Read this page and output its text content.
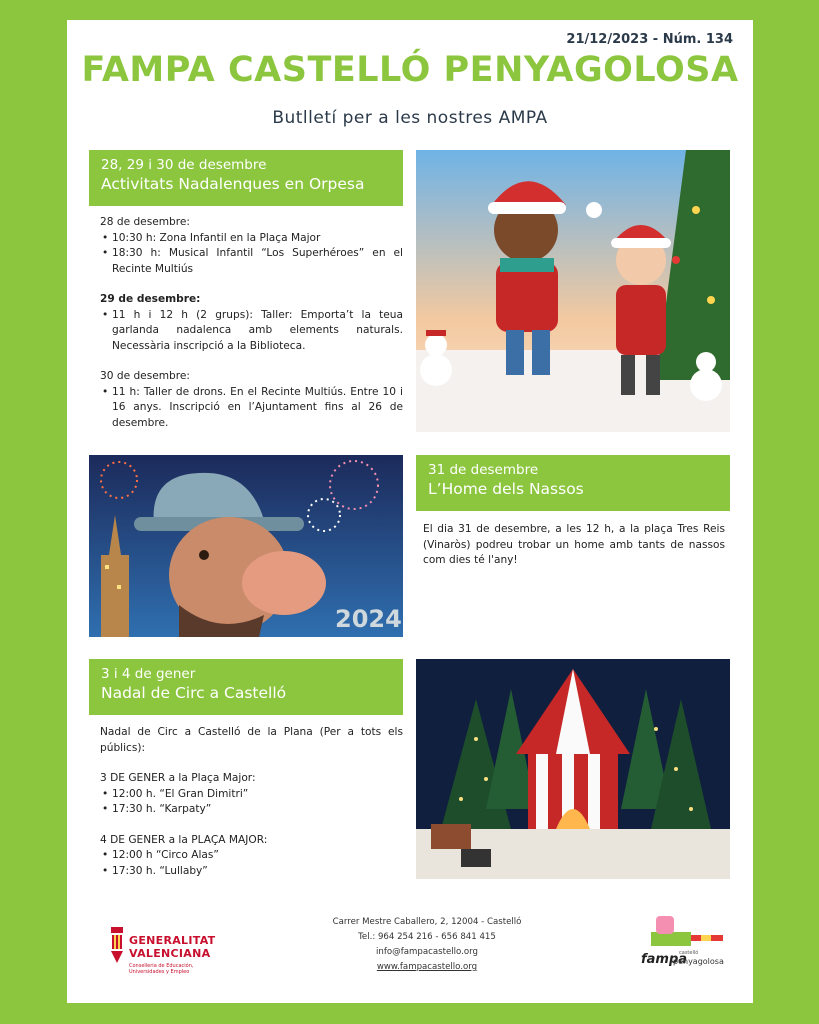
21/12/2023 - Núm. 134
FAMPA CASTELLÓ PENYAGOLOSA
Butlletí per a les nostres AMPA
28, 29 i 30 de desembre
Activitats Nadalenques en Orpesa
28 de desembre:
• 10:30 h: Zona Infantil en la Plaça Major
• 18:30 h: Musical Infantil “Los Superhéroes” en el Recinte Multiús
29 de desembre:
• 11 h i 12 h (2 grups): Taller: Emporta’t la teua garlanda nadalenca amb elements naturals. Necessària inscripció a la Biblioteca.
30 de desembre:
• 11 h: Taller de drons. En el Recinte Multiús. Entre 10 i 16 anys. Inscripció en l’Ajuntament fins al 26 de desembre.
2024
31 de desembre
L’Home dels Nassos
El dia 31 de desembre, a les 12 h, a la plaça Tres Reis (Vinaròs) podreu trobar un home amb tants de nassos com dies té l'any!
3 i 4 de gener
Nadal de Circ a Castelló
Nadal de Circ a Castelló de la Plana (Per a tots els públics):
3 DE GENER a la Plaça Major:
• 12:00 h. “El Gran Dimitri”
• 17:30 h. “Karpaty”
4 DE GENER a la PLAÇA MAJOR:
• 12:00 h “Circo Alas”
• 17:30 h. “Lullaby”
GENERALITAT
VALENCIANA
Conselleria de Educación, Universidades y Empleo
Carrer Mestre Caballero, 2, 12004 - Castelló
Tel.: 964 254 216 - 656 841 415
info@fampacastello.org
www.fampacastello.org	fampa
penyagolosa
castelló
